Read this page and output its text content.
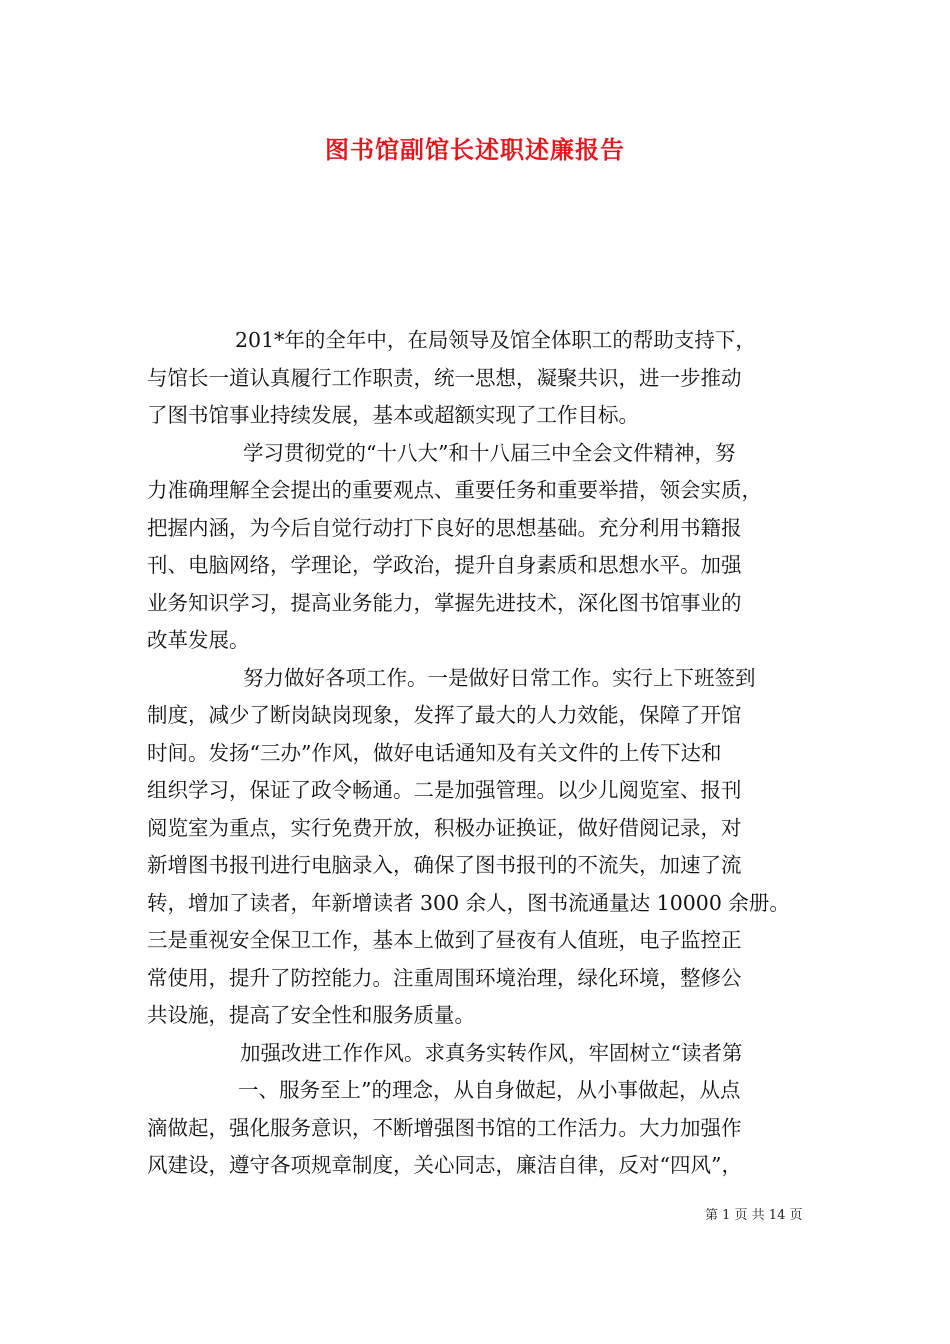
图书馆副馆长述职述廉报告
201*年的全年中，在局领导及馆全体职工的帮助支持下，
与馆长一道认真履行工作职责，统一思想，凝聚共识，进一步推动
了图书馆事业持续发展，基本或超额实现了工作目标。
学习贯彻党的“十八大”和十八届三中全会文件精神，努
力准确理解全会提出的重要观点、重要任务和重要举措，领会实质，
把握内涵，为今后自觉行动打下良好的思想基础。充分利用书籍报
刊、电脑网络，学理论，学政治，提升自身素质和思想水平。加强
业务知识学习，提高业务能力，掌握先进技术，深化图书馆事业的
改革发展。
努力做好各项工作。一是做好日常工作。实行上下班签到
制度，减少了断岗缺岗现象，发挥了最大的人力效能，保障了开馆
时间。发扬“三办”作风，做好电话通知及有关文件的上传下达和
组织学习，保证了政令畅通。二是加强管理。以少儿阅览室、报刊
阅览室为重点，实行免费开放，积极办证换证，做好借阅记录，对
新增图书报刊进行电脑录入，确保了图书报刊的不流失，加速了流
转，增加了读者，年新增读者 300 余人，图书流通量达 10000 余册。
三是重视安全保卫工作，基本上做到了昼夜有人值班，电子监控正
常使用，提升了防控能力。注重周围环境治理，绿化环境，整修公
共设施，提高了安全性和服务质量。
加强改进工作作风。求真务实转作风，牢固树立“读者第
一、服务至上”的理念，从自身做起，从小事做起，从点
滴做起，强化服务意识，不断增强图书馆的工作活力。大力加强作
风建设，遵守各项规章制度，关心同志，廉洁自律，反对“四风”，
第 1 页 共 14 页
